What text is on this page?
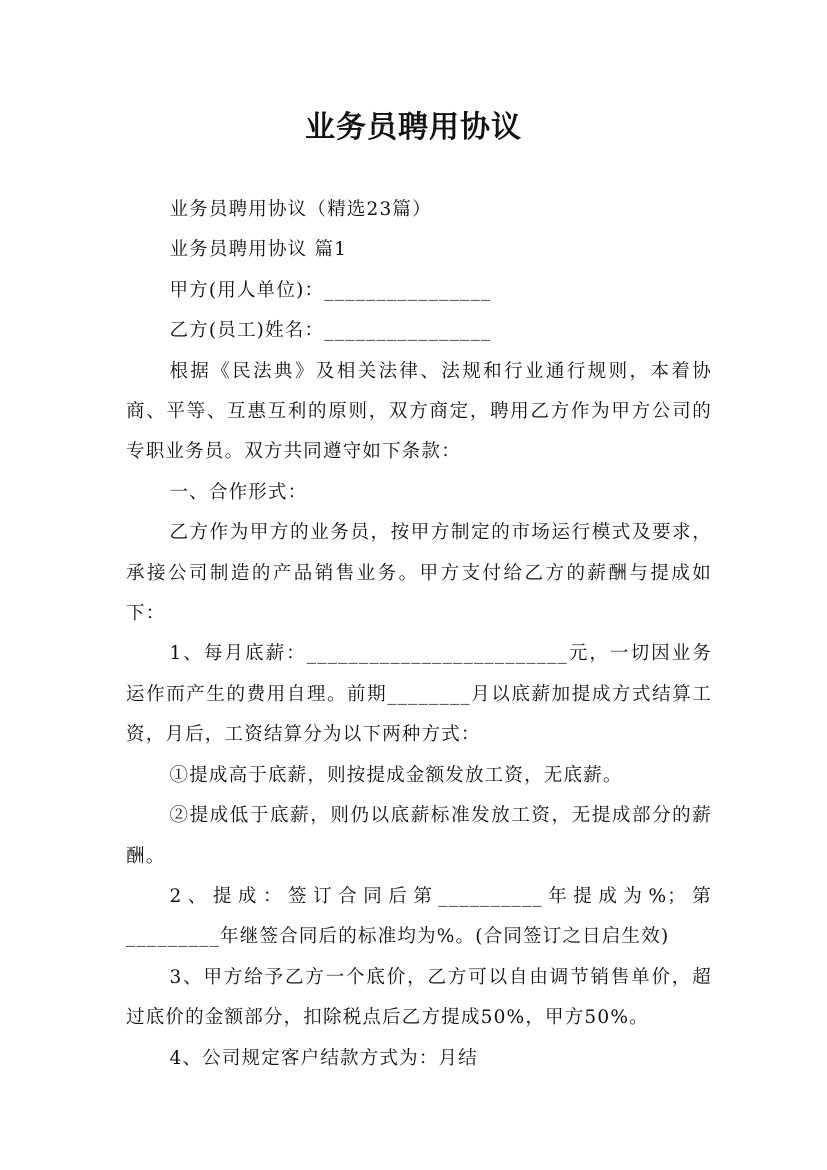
业务员聘用协议

业务员聘用协议（精选23篇）

业务员聘用协议 篇1

甲方(用人单位)：________________

乙方(员工)姓名：________________

根据《民法典》及相关法律、法规和行业通行规则，本着协商、平等、互惠互利的原则，双方商定，聘用乙方作为甲方公司的专职业务员。双方共同遵守如下条款：

一、合作形式：

乙方作为甲方的业务员，按甲方制定的市场运行模式及要求，承接公司制造的产品销售业务。甲方支付给乙方的薪酬与提成如下：

1、每月底薪：_________________________元，一切因业务运作而产生的费用自理。前期________月以底薪加提成方式结算工资，月后，工资结算分为以下两种方式：

①提成高于底薪，则按提成金额发放工资，无底薪。

②提成低于底薪，则仍以底薪标准发放工资，无提成部分的薪酬。

2、提成：签订合同后第__________年提成为%；第_________年继签合同后的标准均为%。(合同签订之日启生效)

3、甲方给予乙方一个底价，乙方可以自由调节销售单价，超过底价的金额部分，扣除税点后乙方提成50%，甲方50%。

4、公司规定客户结款方式为：月结
